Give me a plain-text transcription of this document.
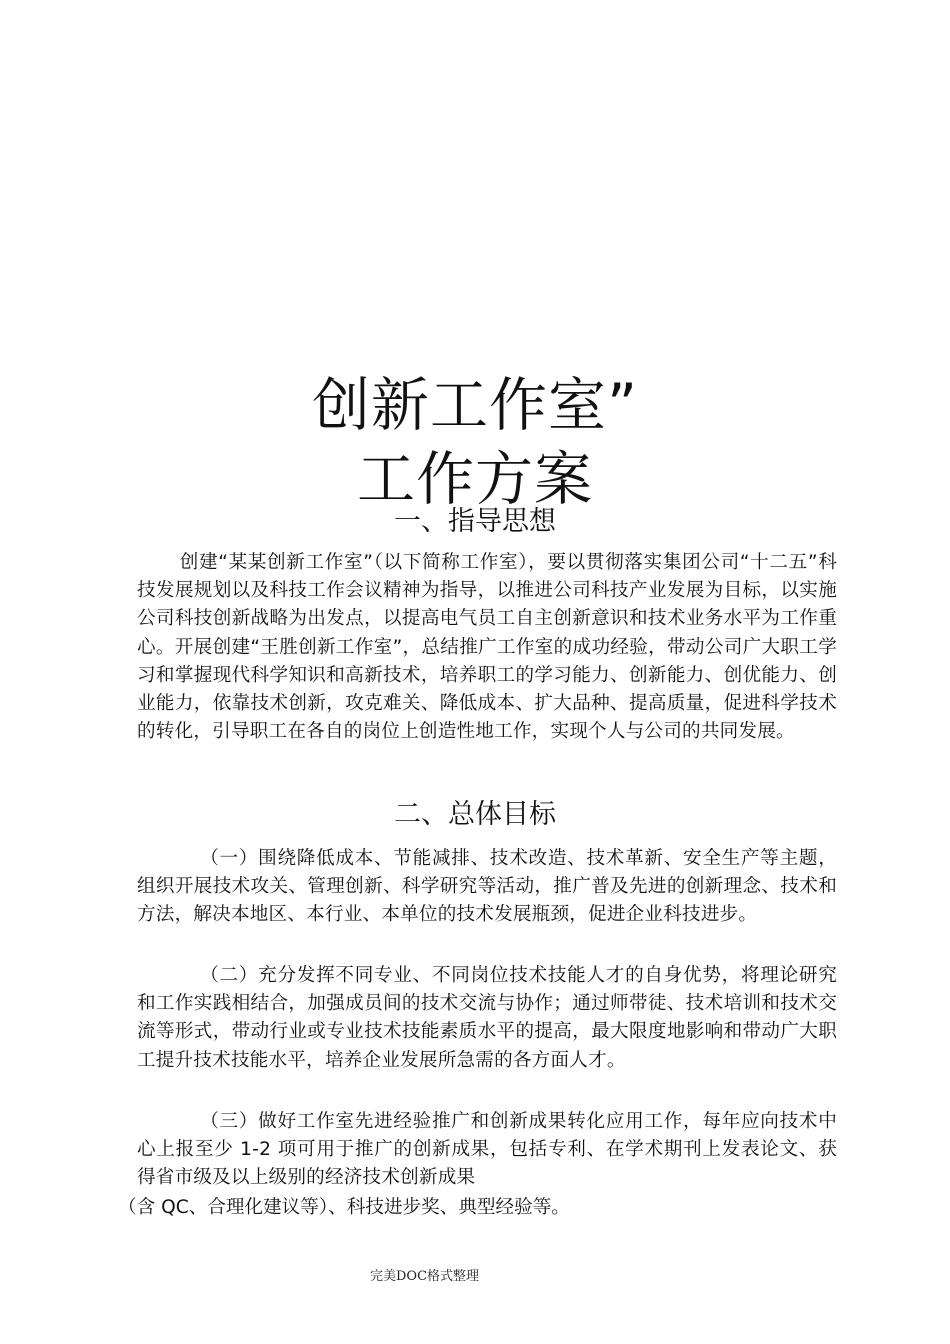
创新工作室”
工作方案
一、指导思想

创建“某某创新工作室”（以下简称工作室），要以贯彻落实集团公司“十二五”科技发展规划以及科技工作会议精神为指导，以推进公司科技产业发展为目标，以实施公司科技创新战略为出发点，以提高电气员工自主创新意识和技术业务水平为工作重心。开展创建“王胜创新工作室”，总结推广工作室的成功经验，带动公司广大职工学习和掌握现代科学知识和高新技术，培养职工的学习能力、创新能力、创优能力、创业能力，依靠技术创新，攻克难关、降低成本、扩大品种、提高质量，促进科学技术的转化，引导职工在各自的岗位上创造性地工作，实现个人与公司的共同发展。

二、总体目标

（一）围绕降低成本、节能减排、技术改造、技术革新、安全生产等主题，组织开展技术攻关、管理创新、科学研究等活动，推广普及先进的创新理念、技术和方法，解决本地区、本行业、本单位的技术发展瓶颈，促进企业科技进步。

（二）充分发挥不同专业、不同岗位技术技能人才的自身优势，将理论研究和工作实践相结合，加强成员间的技术交流与协作；通过师带徒、技术培训和技术交流等形式，带动行业或专业技术技能素质水平的提高，最大限度地影响和带动广大职工提升技术技能水平，培养企业发展所急需的各方面人才。

（三）做好工作室先进经验推广和创新成果转化应用工作，每年应向技术中心上报至少 1-2 项可用于推广的创新成果，包括专利、在学术期刊上发表论文、获得省市级及以上级别的经济技术创新成果

（含 QC、合理化建议等）、科技进步奖、典型经验等。

完美DOC格式整理
